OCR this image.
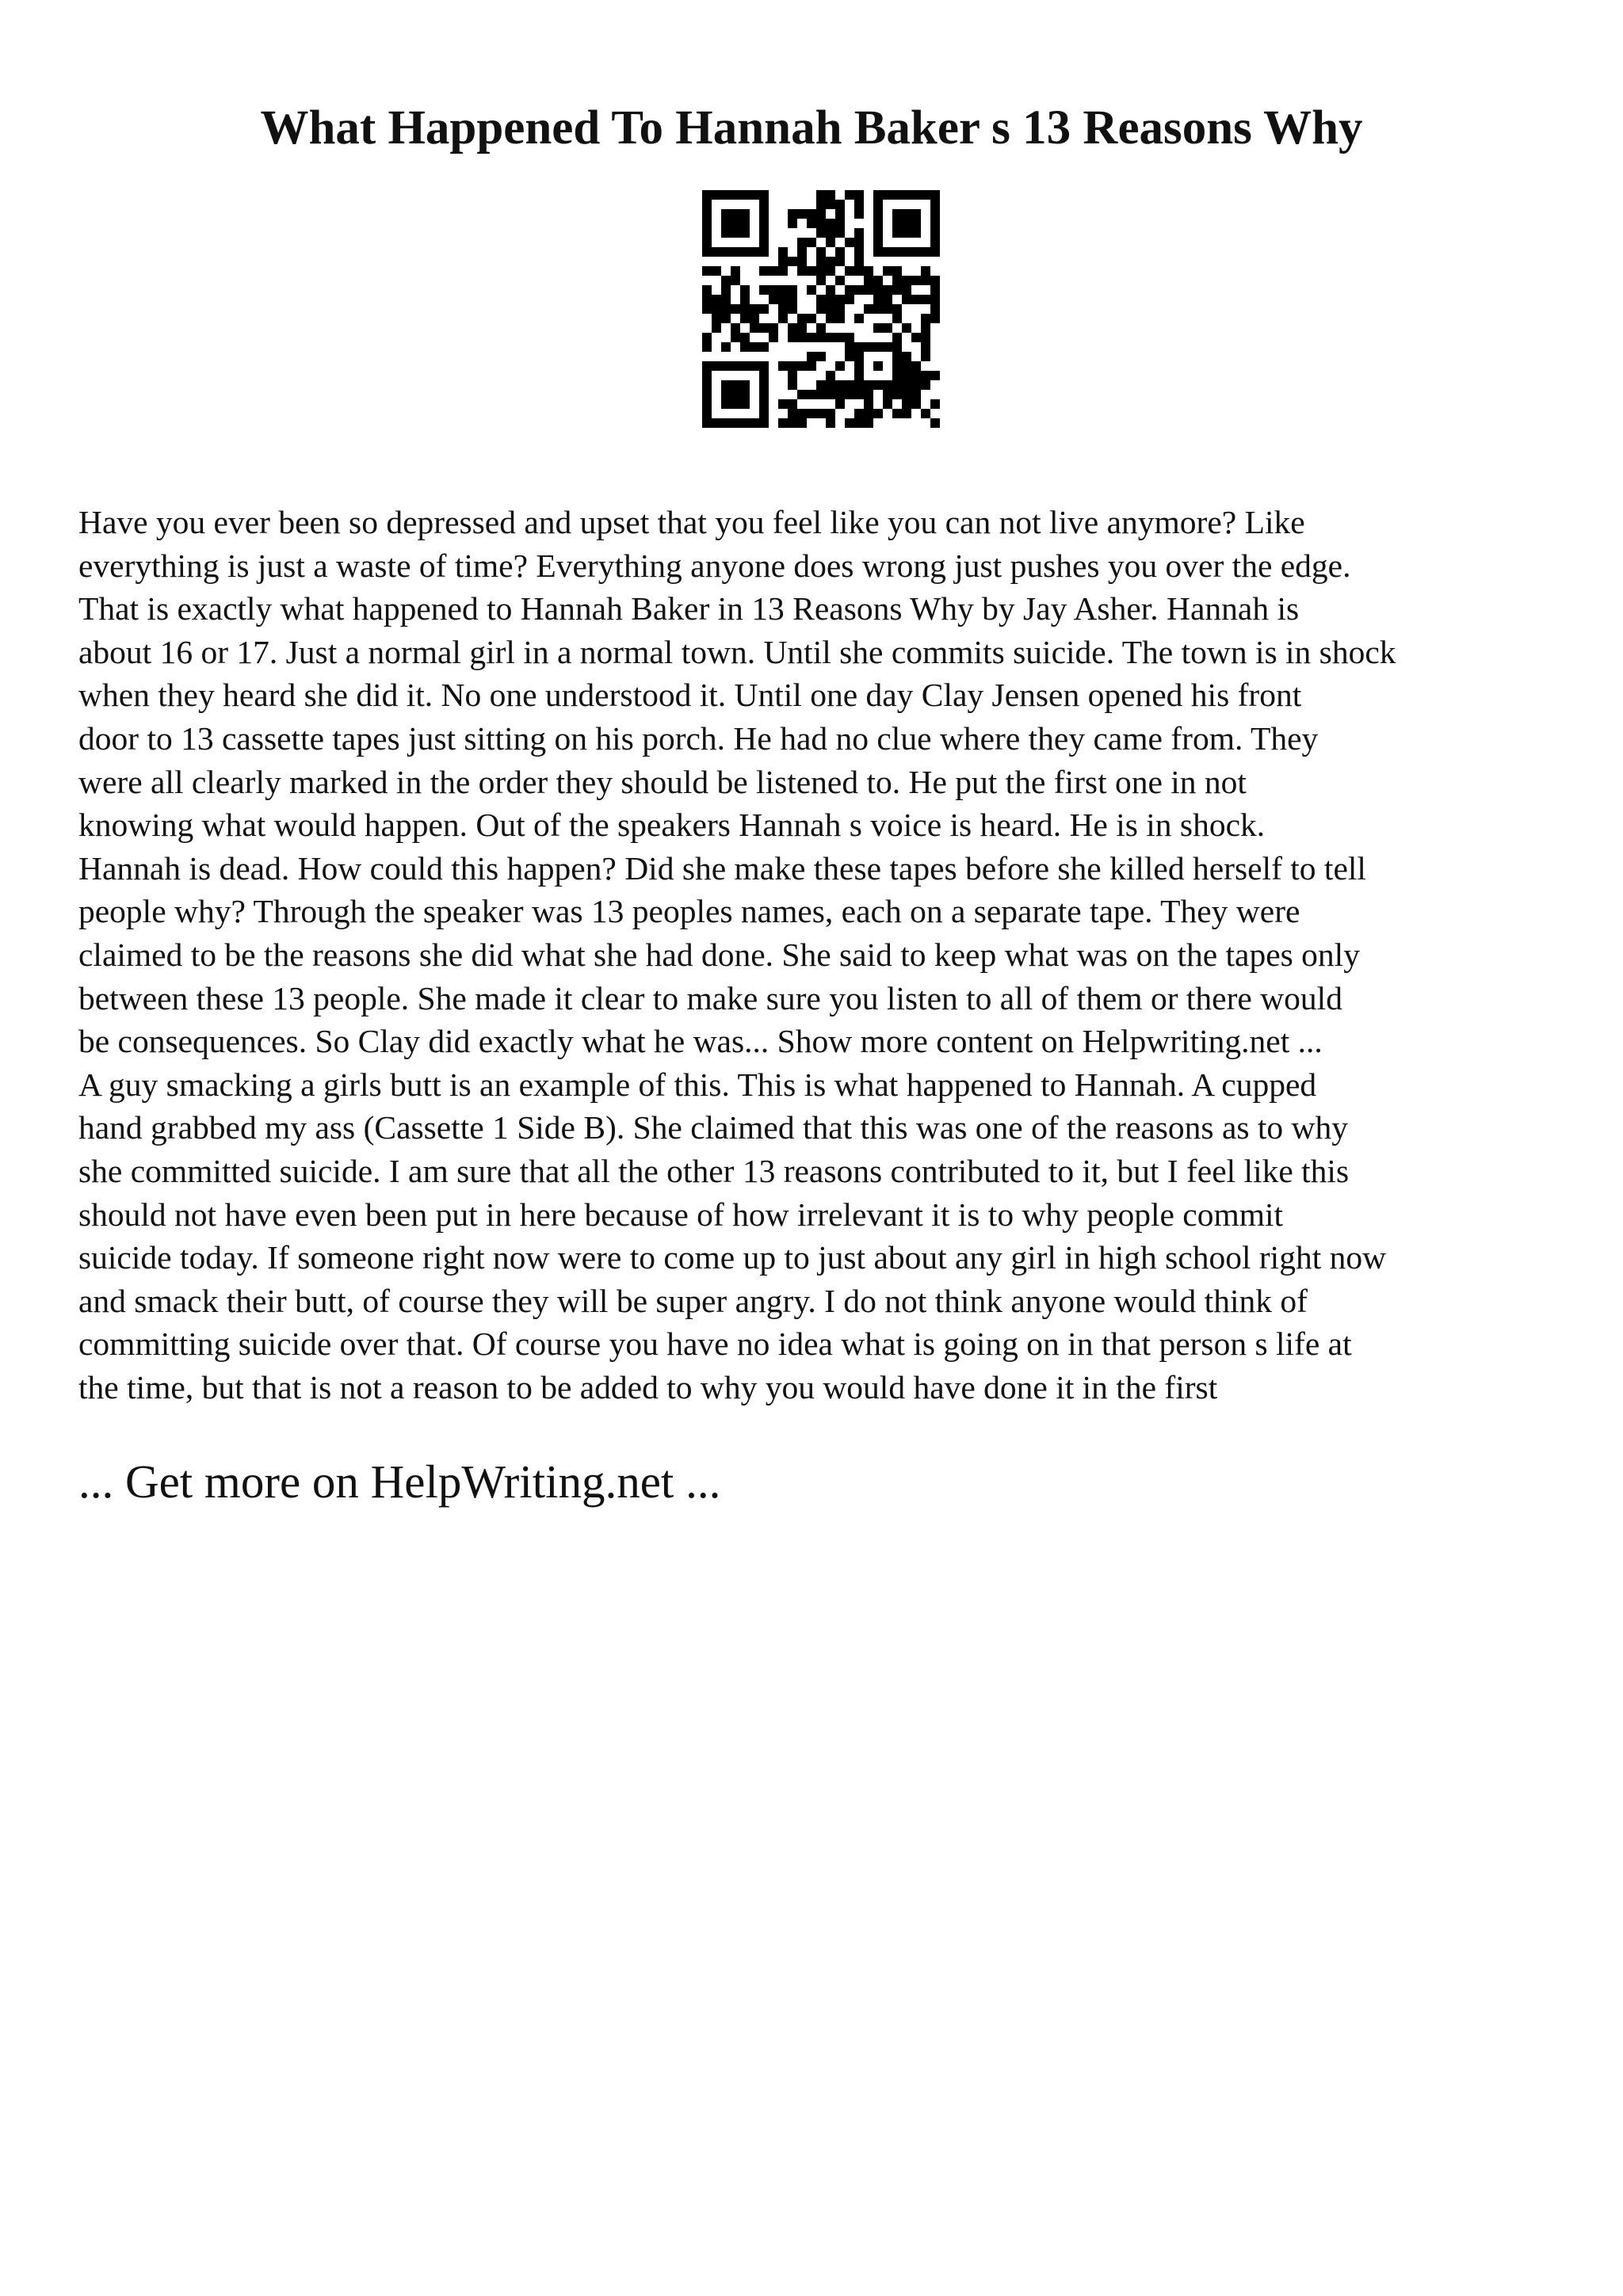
What Happened To Hannah Baker s 13 Reasons Why
Have you ever been so depressed and upset that you feel like you can not live anymore? Like
everything is just a waste of time? Everything anyone does wrong just pushes you over the edge.
That is exactly what happened to Hannah Baker in 13 Reasons Why by Jay Asher. Hannah is
about 16 or 17. Just a normal girl in a normal town. Until she commits suicide. The town is in shock
when they heard she did it. No one understood it. Until one day Clay Jensen opened his front
door to 13 cassette tapes just sitting on his porch. He had no clue where they came from. They
were all clearly marked in the order they should be listened to. He put the first one in not
knowing what would happen. Out of the speakers Hannah s voice is heard. He is in shock.
Hannah is dead. How could this happen? Did she make these tapes before she killed herself to tell
people why? Through the speaker was 13 peoples names, each on a separate tape. They were
claimed to be the reasons she did what she had done. She said to keep what was on the tapes only
between these 13 people. She made it clear to make sure you listen to all of them or there would
be consequences. So Clay did exactly what he was... Show more content on Helpwriting.net ...
A guy smacking a girls butt is an example of this. This is what happened to Hannah. A cupped
hand grabbed my ass (Cassette 1 Side B). She claimed that this was one of the reasons as to why
she committed suicide. I am sure that all the other 13 reasons contributed to it, but I feel like this
should not have even been put in here because of how irrelevant it is to why people commit
suicide today. If someone right now were to come up to just about any girl in high school right now
and smack their butt, of course they will be super angry. I do not think anyone would think of
committing suicide over that. Of course you have no idea what is going on in that person s life at
the time, but that is not a reason to be added to why you would have done it in the first
... Get more on HelpWriting.net ...
